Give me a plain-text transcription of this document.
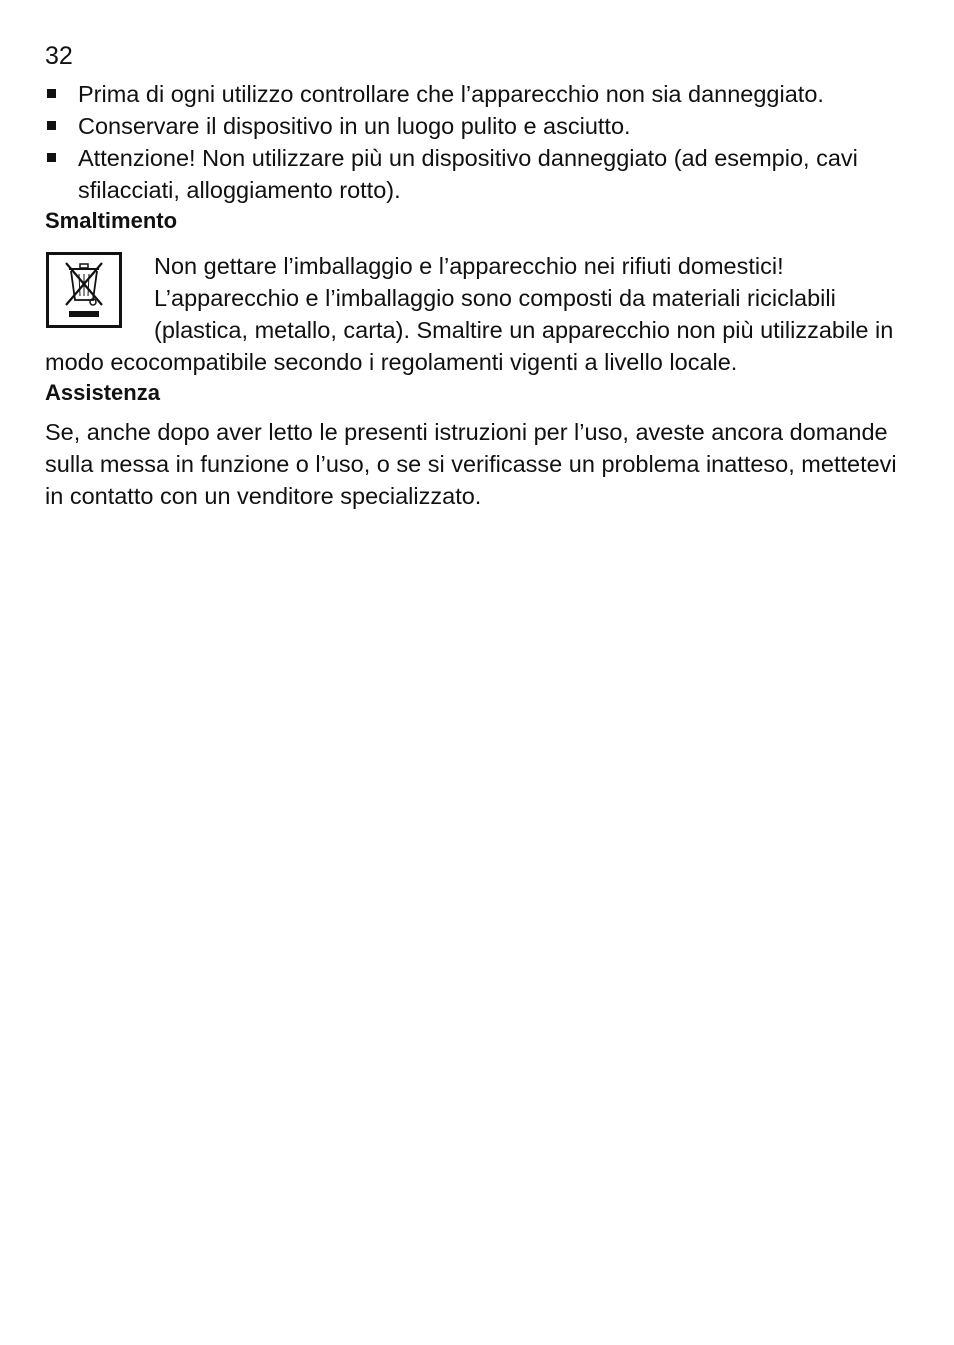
32
Prima di ogni utilizzo controllare che l’apparecchio non sia danneggiato.
Conservare il dispositivo in un luogo pulito e asciutto.
Attenzione! Non utilizzare più un dispositivo danneggiato (ad esempio, cavi sfilacciati, alloggiamento rotto).
Smaltimento

Non gettare l’imballaggio e l’apparecchio nei rifiuti domestici! L’apparecchio e l’imballaggio sono composti da materiali riciclabili (plastica, metallo, carta). Smaltire un apparecchio non più utilizzabile in modo ecocompatibile secondo i regolamenti vigenti a livello locale.

Assistenza

Se, anche dopo aver letto le presenti istruzioni per l’uso, aveste ancora domande sulla messa in funzione o l’uso, o se si verificasse un problema inatteso, mettetevi in contatto con un venditore specializzato.
